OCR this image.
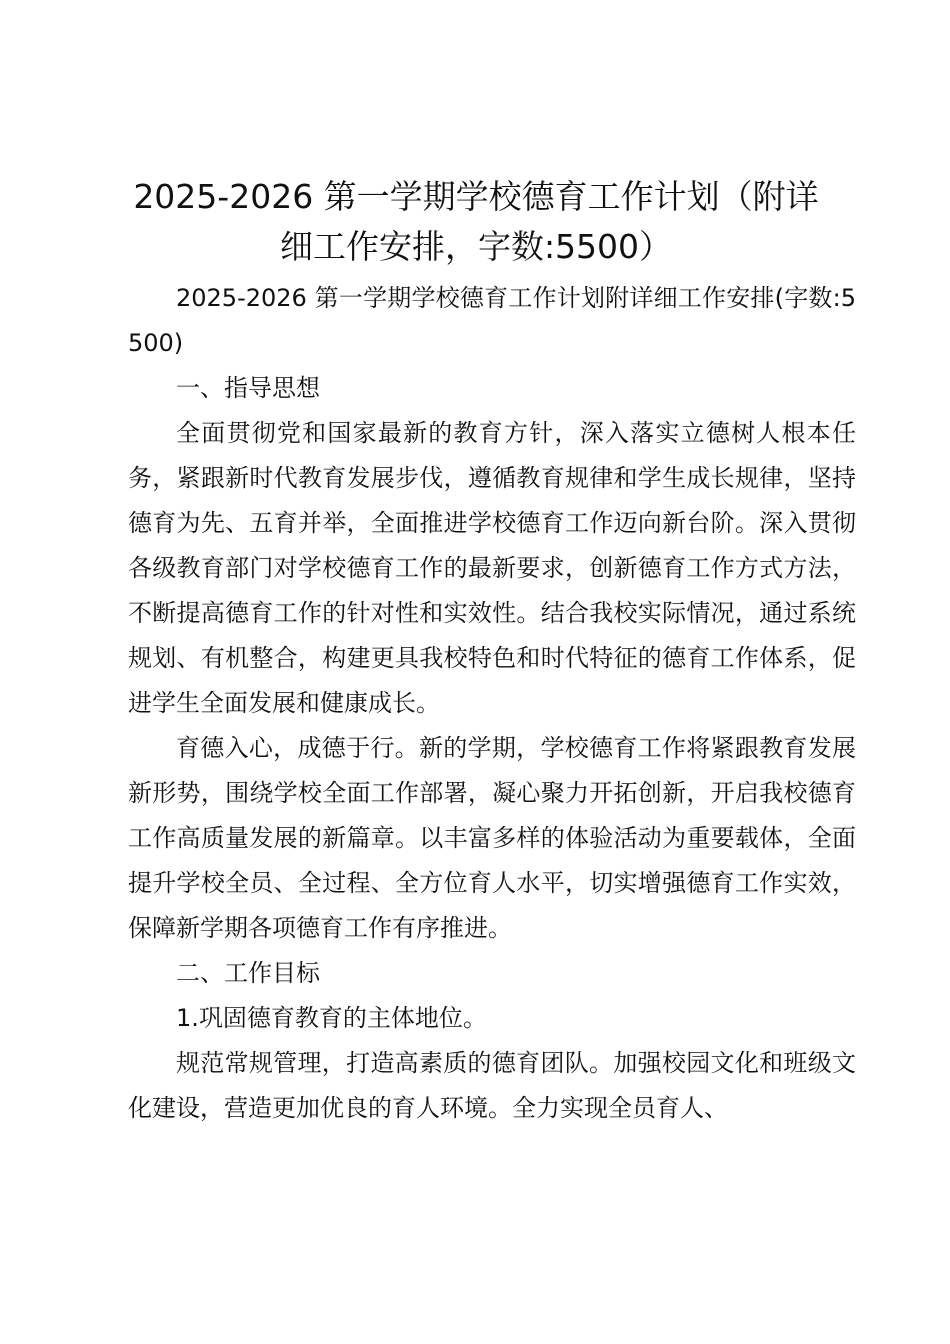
2025-2026 第一学期学校德育工作计划（附详细工作安排，字数:5500）

2025-2026 第一学期学校德育工作计划附详细工作安排(字数:5500)

一、指导思想

全面贯彻党和国家最新的教育方针，深入落实立德树人根本任务，紧跟新时代教育发展步伐，遵循教育规律和学生成长规律，坚持德育为先、五育并举，全面推进学校德育工作迈向新台阶。深入贯彻各级教育部门对学校德育工作的最新要求，创新德育工作方式方法，不断提高德育工作的针对性和实效性。结合我校实际情况，通过系统规划、有机整合，构建更具我校特色和时代特征的德育工作体系，促进学生全面发展和健康成长。

育德入心，成德于行。新的学期，学校德育工作将紧跟教育发展新形势，围绕学校全面工作部署，凝心聚力开拓创新，开启我校德育工作高质量发展的新篇章。以丰富多样的体验活动为重要载体，全面提升学校全员、全过程、全方位育人水平，切实增强德育工作实效，保障新学期各项德育工作有序推进。

二、工作目标

1.巩固德育教育的主体地位。

规范常规管理，打造高素质的德育团队。加强校园文化和班级文化建设，营造更加优良的育人环境。全力实现全员育人、
